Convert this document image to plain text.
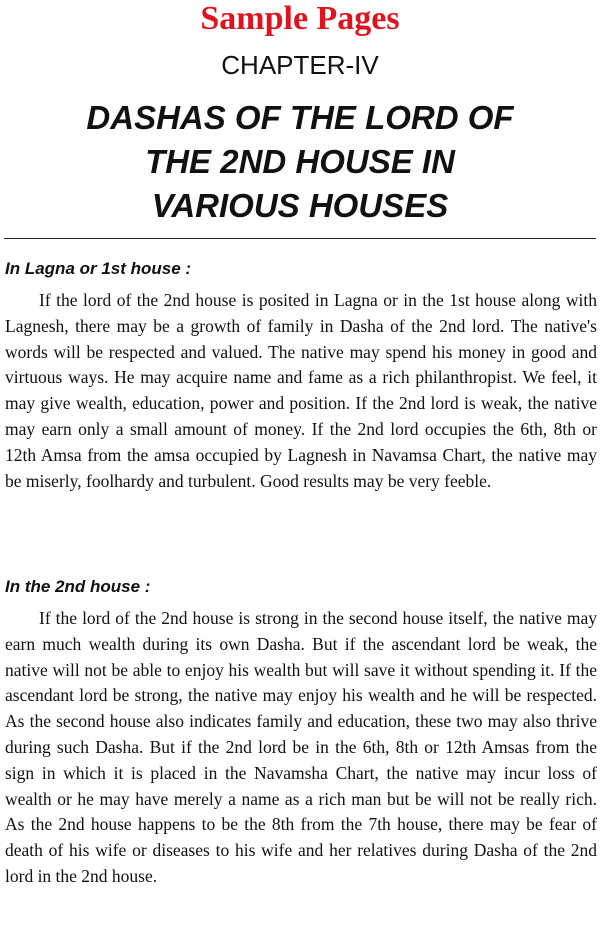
Sample Pages
CHAPTER-IV
DASHAS OF THE LORD OF
THE 2ND HOUSE IN
VARIOUS HOUSES
In Lagna or 1st house :

If the lord of the 2nd house is posited in Lagna or in the 1st house along with Lagnesh, there may be a growth of family in Dasha of the 2nd lord. The native's words will be respected and valued. The native may spend his money in good and virtuous ways. He may acquire name and fame as a rich philanthropist. We feel, it may give wealth, education, power and position. If the 2nd lord is weak, the native may earn only a small amount of money. If the 2nd lord occupies the 6th, 8th or 12th Amsa from the amsa occupied by Lagnesh in Navamsa Chart, the native may be miserly, foolhardy and turbulent. Good results may be very feeble.

In the 2nd house :

If the lord of the 2nd house is strong in the second house itself, the native may earn much wealth during its own Dasha. But if the ascendant lord be weak, the native will not be able to enjoy his wealth but will save it without spending it. If the ascendant lord be strong, the native may enjoy his wealth and he will be respected. As the second house also indicates family and education, these two may also thrive during such Dasha. But if the 2nd lord be in the 6th, 8th or 12th Amsas from the sign in which it is placed in the Navamsha Chart, the native may incur loss of wealth or he may have merely a name as a rich man but be will not be really rich. As the 2nd house happens to be the 8th from the 7th house, there may be fear of death of his wife or diseases to his wife and her relatives during Dasha of the 2nd lord in the 2nd house.
